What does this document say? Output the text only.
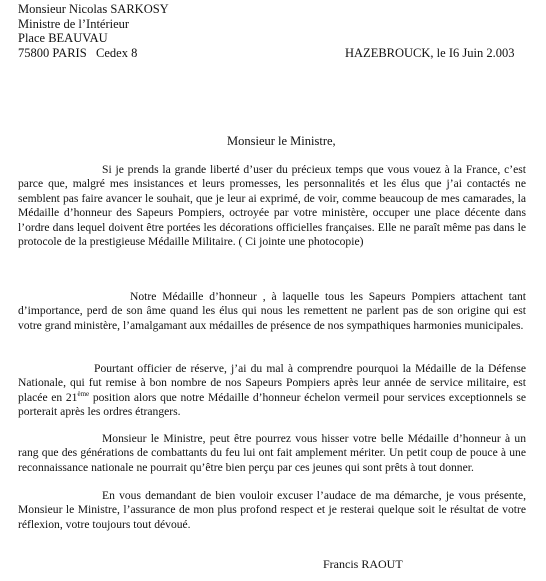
Monsieur Nicolas SARKOSY
Ministre de l’Intérieur
Place BEAUVAU
75800 PARIS Cedex 8	HAZEBROUCK, le I6 Juin 2.003
Monsieur le Ministre,
Si je prends la grande liberté d’user du précieux temps que vous vouez à la France, c’est parce que, malgré mes insistances et leurs promesses, les personnalités et les élus que j’ai contactés ne semblent pas faire avancer le souhait, que je leur ai exprimé, de voir, comme beaucoup de mes camarades, la Médaille d’honneur des Sapeurs Pompiers, octroyée par votre ministère, occuper une place décente dans l’ordre dans lequel doivent être portées les décorations officielles françaises. Elle ne paraît même pas dans le protocole de la prestigieuse Médaille Militaire. ( Ci jointe une photocopie)
Notre Médaille d’honneur , à laquelle tous les Sapeurs Pompiers attachent tant d’importance, perd de son âme quand les élus qui nous les remettent ne parlent pas de son origine qui est votre grand ministère, l’amalgamant aux médailles de présence de nos sympathiques harmonies municipales.
Pourtant officier de réserve, j’ai du mal à comprendre pourquoi la Médaille de la Défense Nationale, qui fut remise à bon nombre de nos Sapeurs Pompiers après leur année de service militaire, est placée en 21ème position alors que notre Médaille d’honneur échelon vermeil pour services exceptionnels se porterait après les ordres étrangers.
Monsieur le Ministre, peut être pourrez vous hisser votre belle Médaille d’honneur à un rang que des générations de combattants du feu lui ont fait amplement mériter. Un petit coup de pouce à une reconnaissance nationale ne pourrait qu’être bien perçu par ces jeunes qui sont prêts à tout donner.
En vous demandant de bien vouloir excuser l’audace de ma démarche, je vous présente, Monsieur le Ministre, l’assurance de mon plus profond respect et je resterai quelque soit le résultat de votre réflexion, votre toujours tout dévoué.
Francis RAOUT
